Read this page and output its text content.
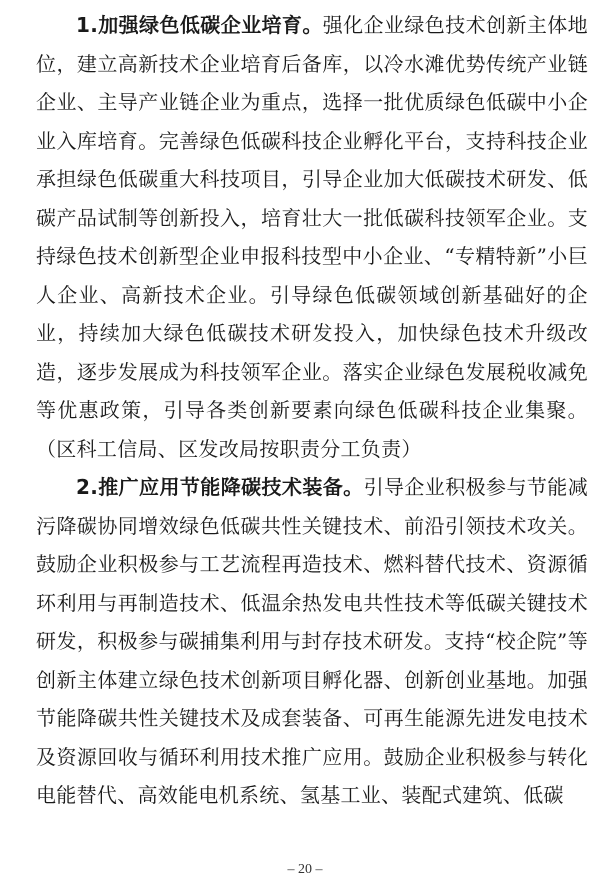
1.加强绿色低碳企业培育。强化企业绿色技术创新主体地位，建立高新技术企业培育后备库，以冷水滩优势传统产业链企业、主导产业链企业为重点，选择一批优质绿色低碳中小企业入库培育。完善绿色低碳科技企业孵化平台，支持科技企业承担绿色低碳重大科技项目，引导企业加大低碳技术研发、低碳产品试制等创新投入，培育壮大一批低碳科技领军企业。支持绿色技术创新型企业申报科技型中小企业、“专精特新”小巨人企业、高新技术企业。引导绿色低碳领域创新基础好的企业，持续加大绿色低碳技术研发投入，加快绿色技术升级改造，逐步发展成为科技领军企业。落实企业绿色发展税收减免等优惠政策，引导各类创新要素向绿色低碳科技企业集聚。（区科工信局、区发改局按职责分工负责）

2.推广应用节能降碳技术装备。引导企业积极参与节能减污降碳协同增效绿色低碳共性关键技术、前沿引领技术攻关。鼓励企业积极参与工艺流程再造技术、燃料替代技术、资源循环利用与再制造技术、低温余热发电共性技术等低碳关键技术研发，积极参与碳捕集利用与封存技术研发。支持“校企院”等创新主体建立绿色技术创新项目孵化器、创新创业基地。加强节能降碳共性关键技术及成套装备、可再生能源先进发电技术及资源回收与循环利用技术推广应用。鼓励企业积极参与转化电能替代、高效能电机系统、氢基工业、装配式建筑、低碳

– 20 –
